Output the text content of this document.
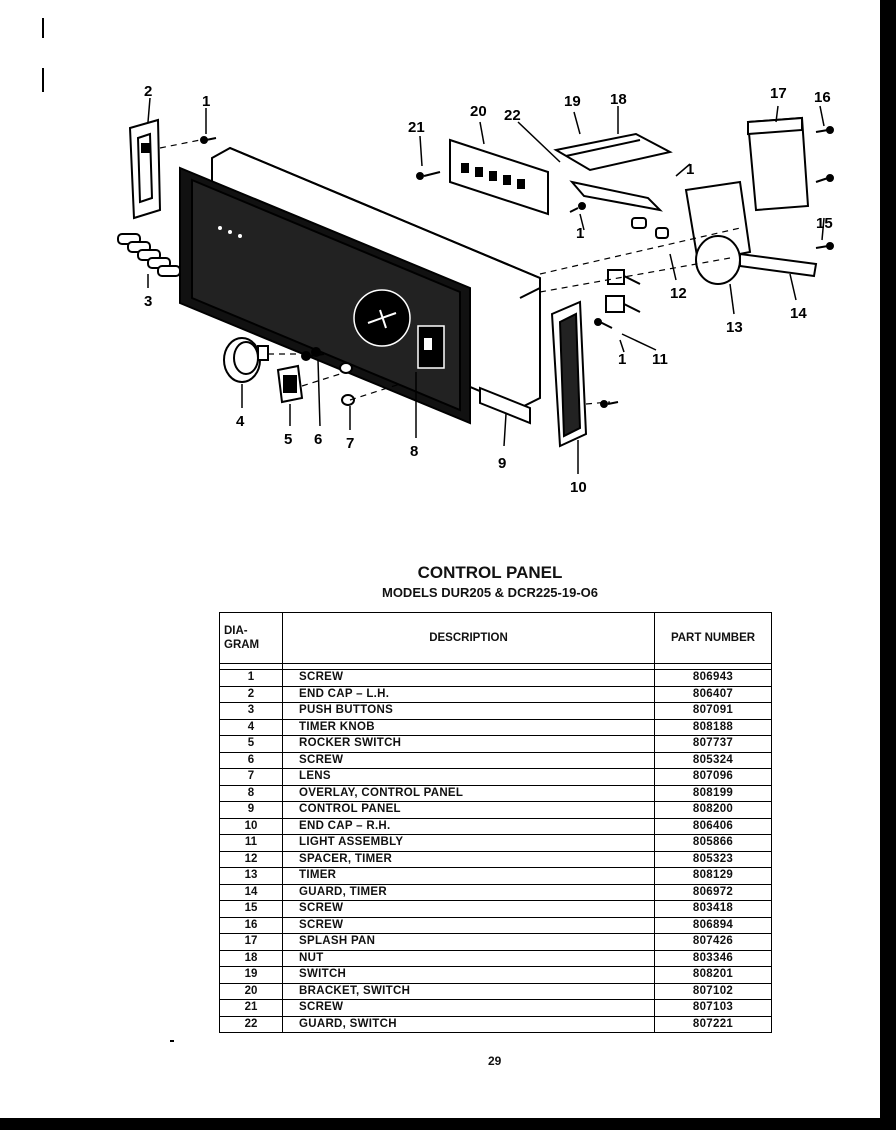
2
1
3
4
5 6 7	8
9
10
11
12
13
14
15
16
17
18
19
20
21
22
1
1
1
CONTROL PANEL
MODELS DUR205 & DCR225-19-O6
DIA-
GRAM	DESCRIPTION	PART NUMBER

1	SCREW	806943
2	END CAP – L.H.	806407
3	PUSH BUTTONS	807091
4	TIMER KNOB	808188
5	ROCKER SWITCH	807737
6	SCREW	805324
7	LENS	807096
8	OVERLAY, CONTROL PANEL	808199
9	CONTROL PANEL	808200
10	END CAP – R.H.	806406
11	LIGHT ASSEMBLY	805866
12	SPACER, TIMER	805323
13	TIMER	808129
14	GUARD, TIMER	806972
15	SCREW	803418
16	SCREW	806894
17	SPLASH PAN	807426
18	NUT	803346
19	SWITCH	808201
20	BRACKET, SWITCH	807102
21	SCREW	807103
22	GUARD, SWITCH	807221
29
